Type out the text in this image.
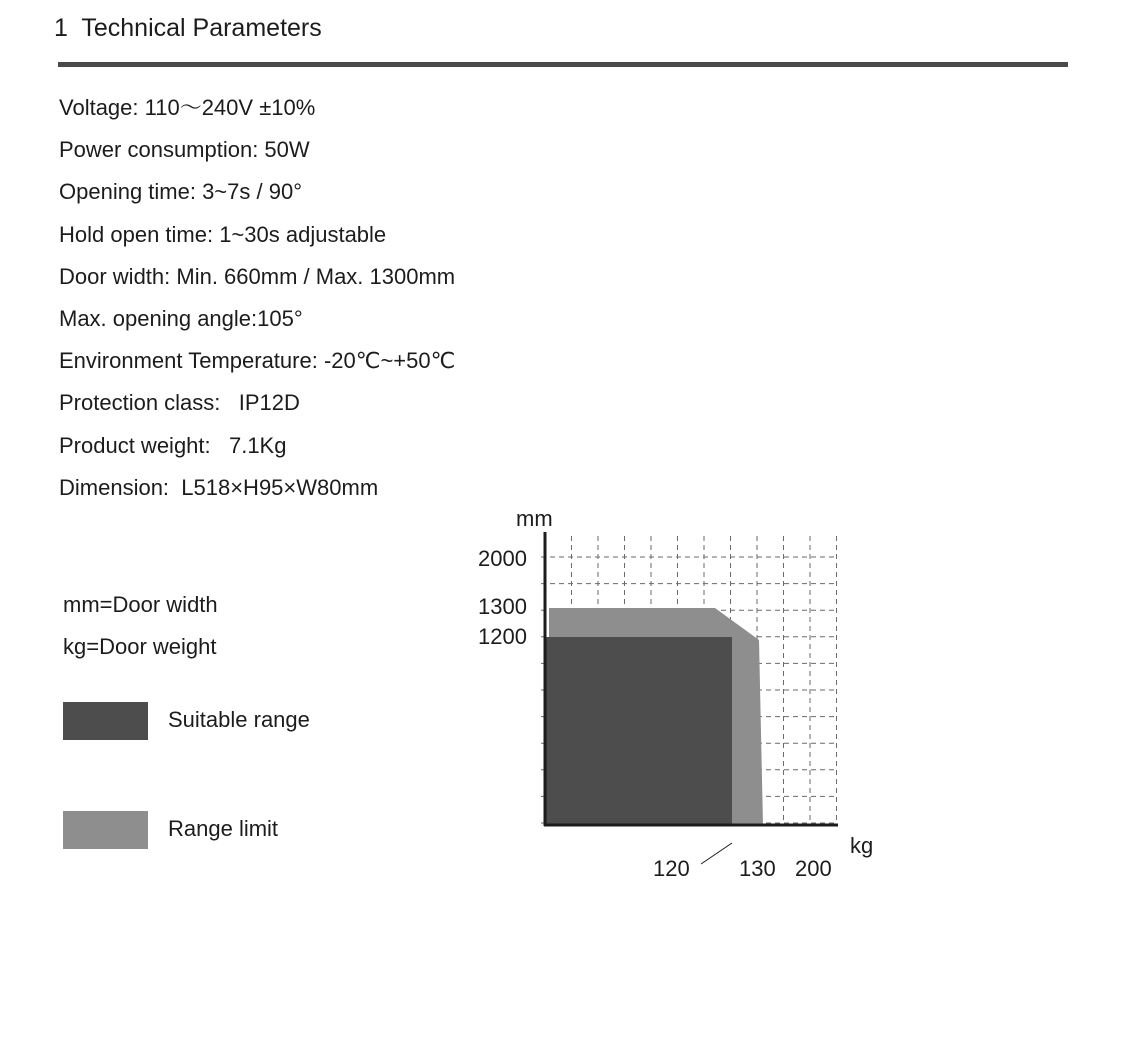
1 Technical Parameters
Voltage: 110～240V ±10%
Power consumption: 50W
Opening time: 3~7s / 90°
Hold open time: 1~30s adjustable
Door width: Min. 660mm / Max. 1300mm
Max. opening angle:105°
Environment Temperature: -20℃~+50℃
Protection class:   IP12D
Product weight:   7.1Kg
Dimension:  L518×H95×W80mm
mm=Door width
kg=Door weight
Suitable range
Range limit
mm
kg
2000
1300
1200
120 130 200
